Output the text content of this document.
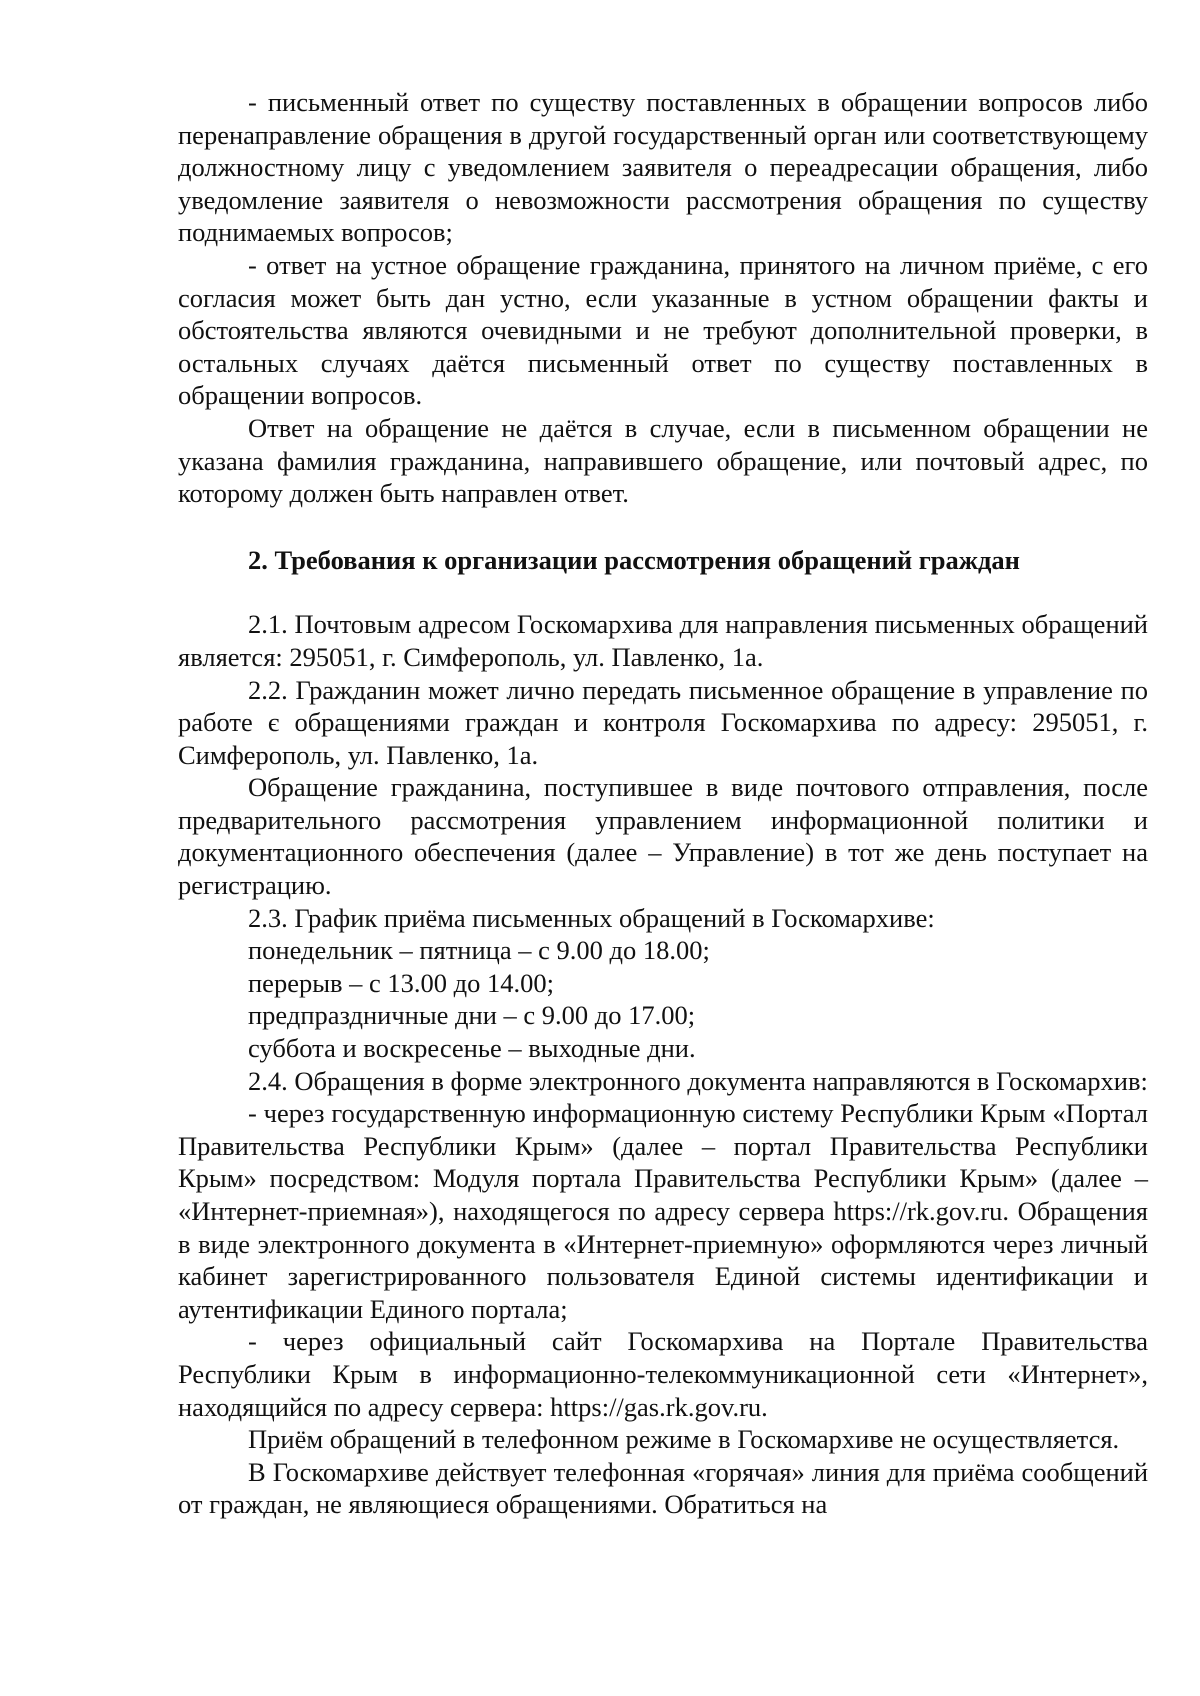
- письменный ответ по существу поставленных в обращении вопросов либо перенаправление обращения в другой государственный орган или соответствующему должностному лицу с уведомлением заявителя о переадресации обращения, либо уведомление заявителя о невозможности рассмотрения обращения по существу поднимаемых вопросов;

- ответ на устное обращение гражданина, принятого на личном приёме, с его согласия может быть дан устно, если указанные в устном обращении факты и обстоятельства являются очевидными и не требуют дополнительной проверки, в остальных случаях даётся письменный ответ по существу поставленных в обращении вопросов.

Ответ на обращение не даётся в случае, если в письменном обращении не указана фамилия гражданина, направившего обращение, или почтовый адрес, по которому должен быть направлен ответ.

2. Требования к организации рассмотрения обращений граждан

2.1. Почтовым адресом Госкомархива для направления письменных обращений является: 295051, г. Симферополь, ул. Павленко, 1а.

2.2. Гражданин может лично передать письменное обращение в управление по работе є обращениями граждан и контроля Госкомархива по адресу: 295051, г. Симферополь, ул. Павленко, 1а.

Обращение гражданина, поступившее в виде почтового отправления, после предварительного рассмотрения управлением информационной политики и документационного обеспечения (далее – Управление) в тот же день поступает на регистрацию.

2.3. График приёма письменных обращений в Госкомархиве:

понедельник – пятница – с 9.00 до 18.00;

перерыв – с 13.00 до 14.00;

предпраздничные дни – с 9.00 до 17.00;

суббота и воскресенье – выходные дни.

2.4. Обращения в форме электронного документа направляются в Госкомархив:

- через государственную информационную систему Республики Крым «Портал Правительства Республики Крым» (далее – портал Правительства Республики Крым» посредством: Модуля портала Правительства Республики Крым» (далее – «Интернет-приемная»), находящегося по адресу сервера https://rk.gov.ru. Обращения в виде электронного документа в «Интернет-приемную» оформляются через личный кабинет зарегистрированного пользователя Единой системы идентификации и аутентификации Единого портала;

- через официальный сайт Госкомархива на Портале Правительства Республики Крым в информационно-телекоммуникационной сети «Интернет», находящийся по адресу сервера: https://gas.rk.gov.ru.

Приём обращений в телефонном режиме в Госкомархиве не осуществляется.

В Госкомархиве действует телефонная «горячая» линия для приёма сообщений от граждан, не являющиеся обращениями. Обратиться на
